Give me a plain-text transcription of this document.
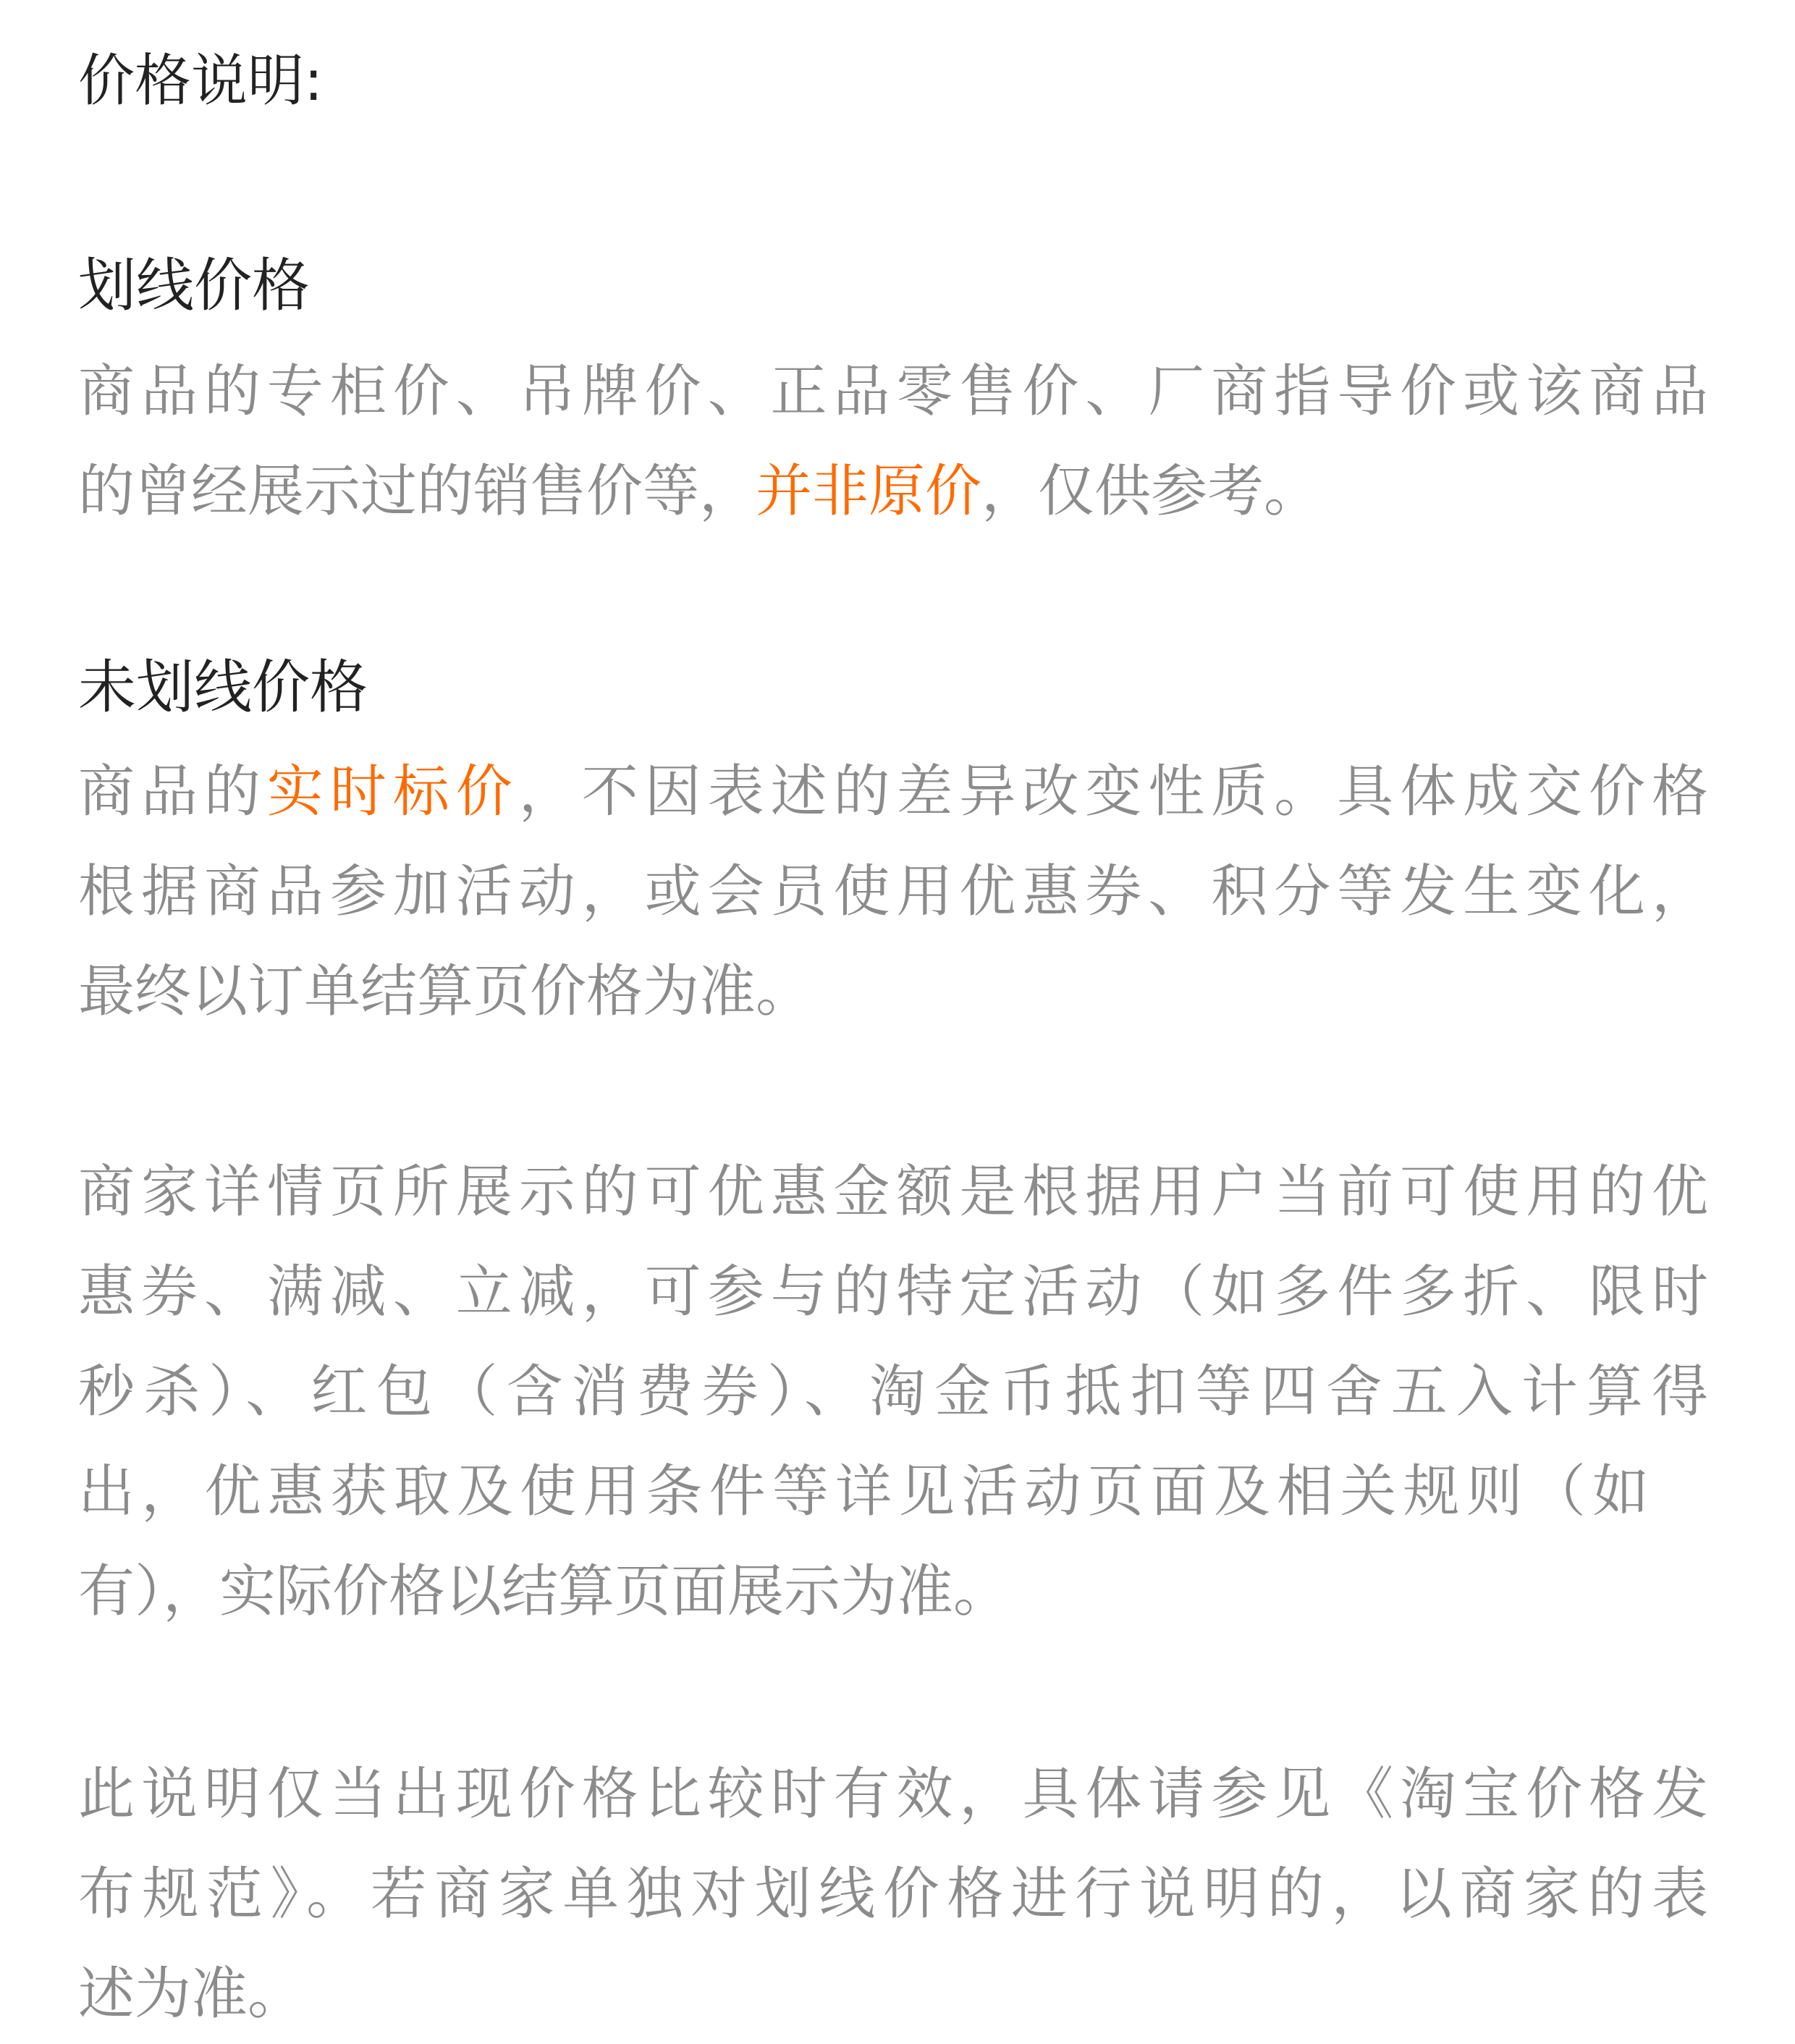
价格说明:
划线价格
商品的专柜价、吊牌价、正品零售价、厂商指导价或该商品
的曾经展示过的销售价等，并非原价，仅供参考。
未划线价格
商品的实时标价，不因表述的差异改变性质。具体成交价格
根据商品参加活动，或会员使用优惠券、积分等发生变化，
最终以订单结算页价格为准。
商家详情页所展示的可优惠金额是根据用户当前可使用的优
惠券、满减、立减，可参与的特定活动（如多件多折、限时
秒杀）、红包（含消费券）、淘金币抵扣等四舍五入计算得
出，优惠获取及使用条件等详见活动页面及相关规则（如
有），实际价格以结算页面展示为准。
此说明仅当出现价格比较时有效，具体请参见《淘宝价格发
布规范》。若商家单独对划线价格进行说明的，以商家的表
述为准。
